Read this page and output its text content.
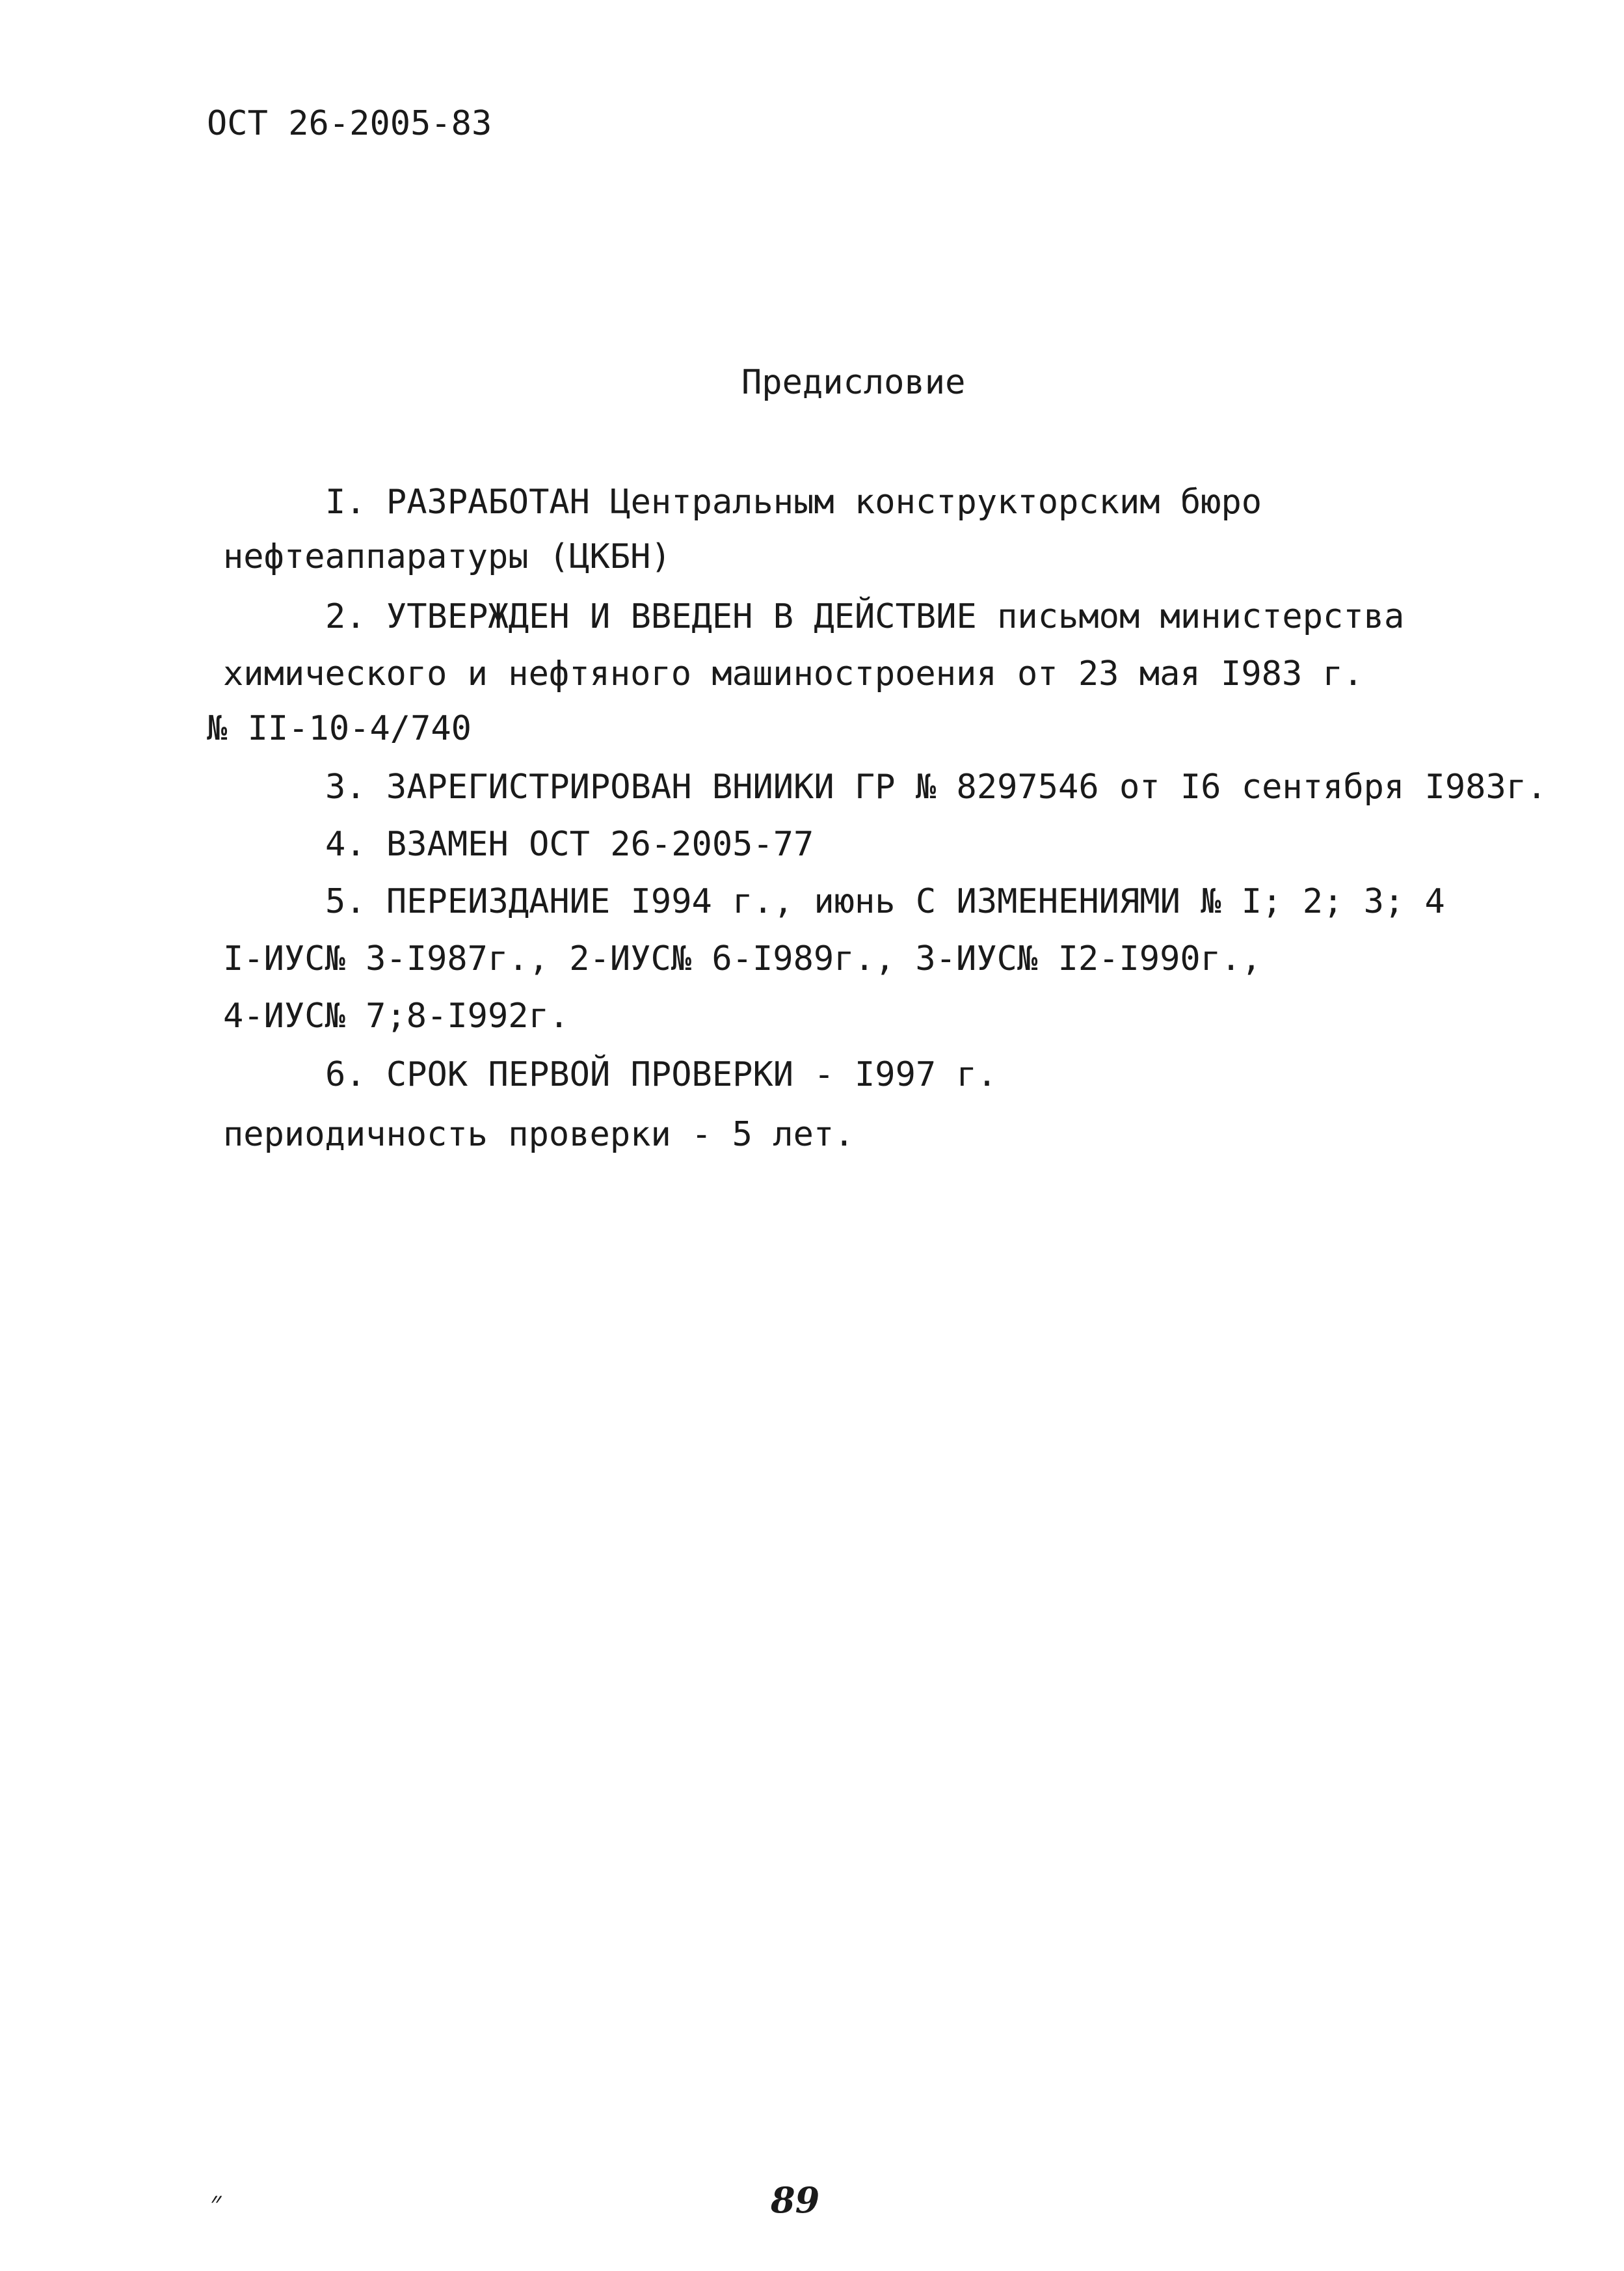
ОСТ 26-2005-83
Предисловие
I. РАЗРАБОТАН Центральным конструкторским бюро
нефтеаппаратуры (ЦКБН)
2. УТВЕРЖДЕН И ВВЕДЕН В ДЕЙСТВИЕ письмом министерства
химического и нефтяного машиностроения от 23 мая I983 г.
№ II-10-4/740
3. ЗАРЕГИСТРИРОВАН ВНИИКИ ГР № 8297546 от I6 сентября I983г.
4. ВЗАМЕН ОСТ 26-2005-77
5. ПЕРЕИЗДАНИЕ I994 г., июнь С ИЗМЕНЕНИЯМИ № I; 2; 3; 4
I-ИУС№ 3-I987г., 2-ИУС№ 6-I989г., 3-ИУС№ I2-I990г.,
4-ИУС№ 7;8-I992г.
6. СРОК ПЕРВОЙ ПРОВЕРКИ - I997 г.
периодичность проверки - 5 лет.
״	89
